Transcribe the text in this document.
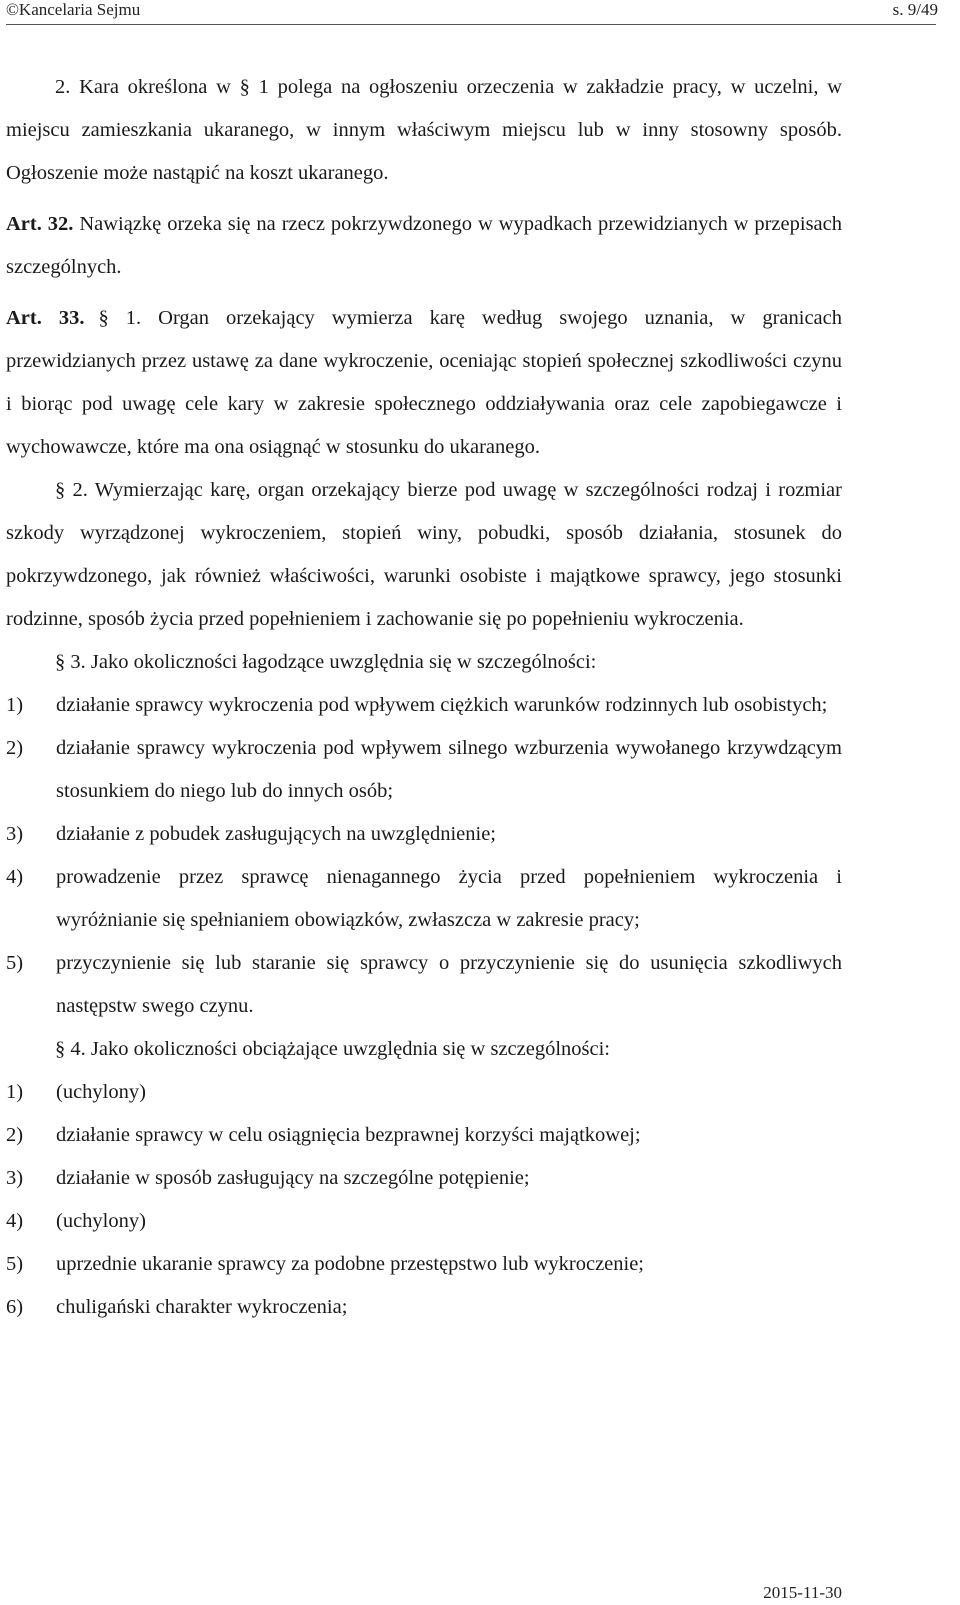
©Kancelaria Sejmu	s. 9/49

2. Kara określona w § 1 polega na ogłoszeniu orzeczenia w zakładzie pracy, w uczelni, w miejscu zamieszkania ukaranego, w innym właściwym miejscu lub w inny stosowny sposób. Ogłoszenie może nastąpić na koszt ukaranego.

Art. 32. Nawiązkę orzeka się na rzecz pokrzywdzonego w wypadkach przewidzianych w przepisach szczególnych.

Art. 33. § 1. Organ orzekający wymierza karę według swojego uznania, w granicach przewidzianych przez ustawę za dane wykroczenie, oceniając stopień społecznej szkodliwości czynu i biorąc pod uwagę cele kary w zakresie społecznego oddziaływania oraz cele zapobiegawcze i wychowawcze, które ma ona osiągnąć w stosunku do ukaranego.

§ 2. Wymierzając karę, organ orzekający bierze pod uwagę w szczególności rodzaj i rozmiar szkody wyrządzonej wykroczeniem, stopień winy, pobudki, sposób działania, stosunek do pokrzywdzonego, jak również właściwości, warunki osobiste i majątkowe sprawcy, jego stosunki rodzinne, sposób życia przed popełnieniem i zachowanie się po popełnieniu wykroczenia.

§ 3. Jako okoliczności łagodzące uwzględnia się w szczególności:

1)	działanie sprawcy wykroczenia pod wpływem ciężkich warunków rodzinnych lub osobistych;
2)	działanie sprawcy wykroczenia pod wpływem silnego wzburzenia wywołanego krzywdzącym stosunkiem do niego lub do innych osób;
3)	działanie z pobudek zasługujących na uwzględnienie;
4)	prowadzenie przez sprawcę nienagannego życia przed popełnieniem wykroczenia i wyróżnianie się spełnianiem obowiązków, zwłaszcza w zakresie pracy;
5)	przyczynienie się lub staranie się sprawcy o przyczynienie się do usunięcia szkodliwych następstw swego czynu.

§ 4. Jako okoliczności obciążające uwzględnia się w szczególności:

1)	(uchylony)
2)	działanie sprawcy w celu osiągnięcia bezprawnej korzyści majątkowej;
3)	działanie w sposób zasługujący na szczególne potępienie;
4)	(uchylony)
5)	uprzednie ukaranie sprawcy za podobne przestępstwo lub wykroczenie;
6)	chuligański charakter wykroczenia;
2015-11-30
